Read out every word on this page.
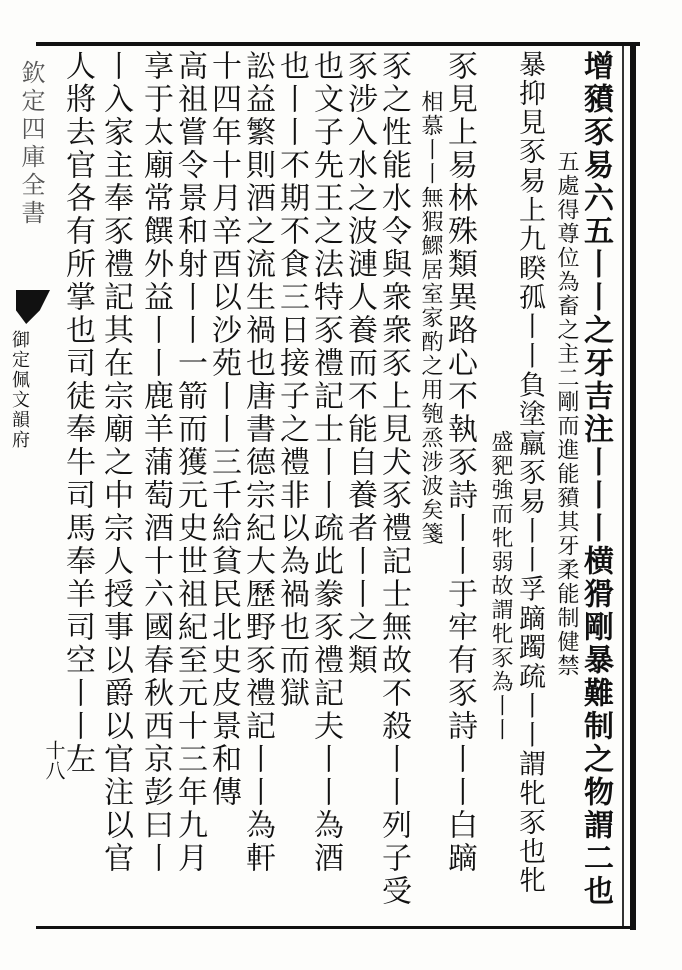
欽定四庫全書
御定佩文韻府
十八	增豶豕易六五丨丨之牙吉注丨丨丨横猾剛暴難制之物謂二也
五處得尊位為畜之主二剛而進能豶其牙柔能制健禁
暴抑見豕易上九睽孤丨丨負塗羸豕易丨丨孚蹢躅疏丨丨謂牝豕也牝
盛豝強而牝弱故謂牝豕為丨丨
豕見上易林殊類異路心不執豕詩丨丨于牢有豕詩丨丨白蹢
相慕丨丨無猳鰥居室家酌之用匏烝涉波矣箋
豕之性能水令與衆衆豕上見犬豕禮記士無故不殺丨丨列子受
豕涉入水之波漣人養而不能自養者丨丨之類
也文子先王之法特豕禮記士丨丨疏此豢豕禮記夫丨丨為酒
也丨丨不期不食三日接子之禮非以為禍也而獄
訟益繁則酒之流生禍也唐書德宗紀大歷野豕禮記丨丨為軒
十四年十月辛酉以沙苑丨丨三千給貧民北史皮景和傳
高祖嘗令景和射丨丨一箭而獲元史世祖紀至元十三年九月
享于太廟常饌外益丨丨鹿羊蒲萄酒十六國春秋西京彭曰丨
丨入家主奉豕禮記其在宗廟之中宗人授事以爵以官注以官
人將去官各有所掌也司徒奉牛司馬奉羊司空丨丨左
